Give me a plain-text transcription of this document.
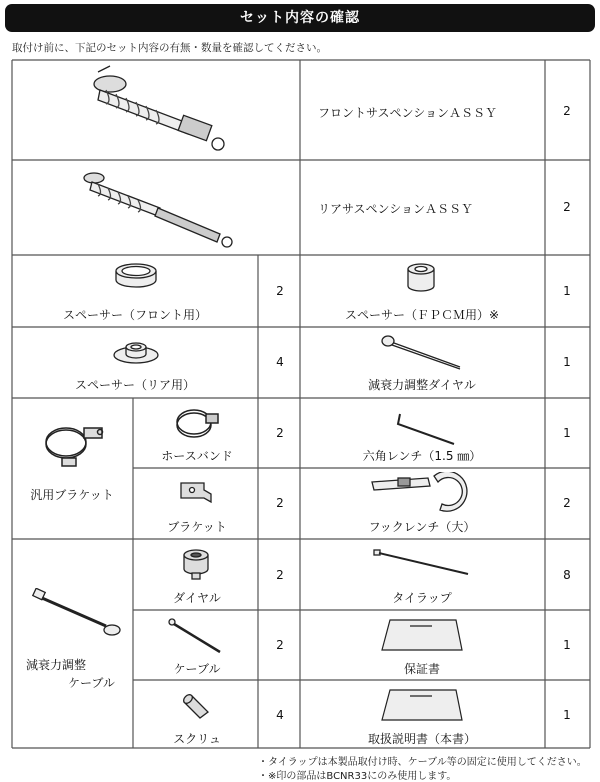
セット内容の確認
取付け前に、下記のセット内容の有無・数量を確認してください。
フロントサスペンションＡＳＳＹ	2
リアサスペンションＡＳＳＹ	2
スペーサー（フロント用）
2
スペーサー（ＦＰＣＭ用）※
1
スペーサー（リア用）
4
減衰力調整ダイヤル
1
汎用ブラケット
ホースバンド
2
六角レンチ（1.5 ㎜）
1
ブラケット
2
フックレンチ（大）
2
減衰力調整
ケーブル
ダイヤル
2
タイラップ
8
ケーブル
2
保証書
1
スクリュ
4
取扱説明書（本書）
1
・タイラップは本製品取付け時、ケーブル等の固定に使用してください。
・※印の部品はBCNR33にのみ使用します。
